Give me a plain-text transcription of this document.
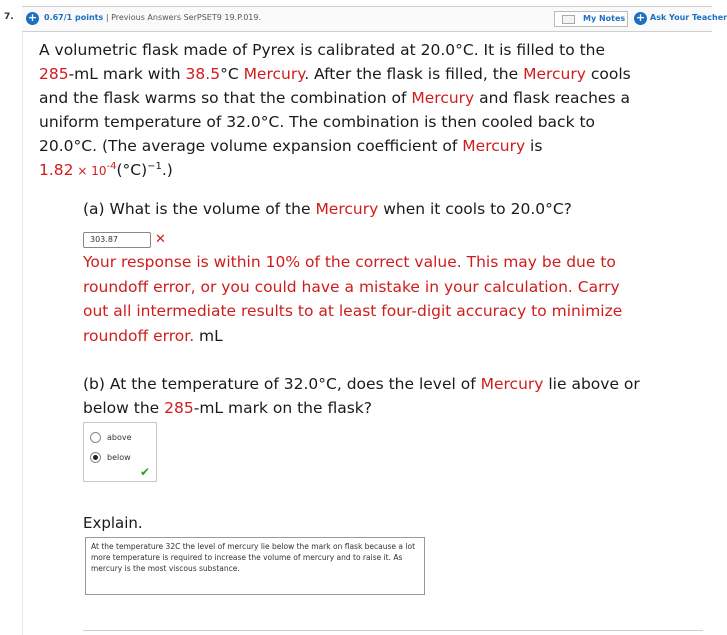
7. + 0.67/1 points | Previous Answers SerPSET9 19.P.019.	My Notes + Ask Your Teacher
A volumetric flask made of Pyrex is calibrated at 20.0°C. It is filled to the
285-mL mark with 38.5°C Mercury. After the flask is filled, the Mercury cools
and the flask warms so that the combination of Mercury and flask reaches a
uniform temperature of 32.0°C. The combination is then cooled back to
20.0°C. (The average volume expansion coefficient of Mercury is
$1.82 \times 10^{-4}(^\circ C)^{-1}$.)
(a) What is the volume of the Mercury when it cools to 20.0°C?
303.87	✕
Your response is within 10% of the correct value. This may be due to
roundoff error, or you could have a mistake in your calculation. Carry
out all intermediate results to at least four-digit accuracy to minimize
roundoff error. mL
(b) At the temperature of 32.0°C, does the level of Mercury lie above or
below the 285-mL mark on the flask?
above
below
✔
Explain.
At the temperature 32C the level of mercury lie below the mark on flask because a lot more temperature is required to increase the volume of mercury and to raise it. As mercury is the most viscous substance.
